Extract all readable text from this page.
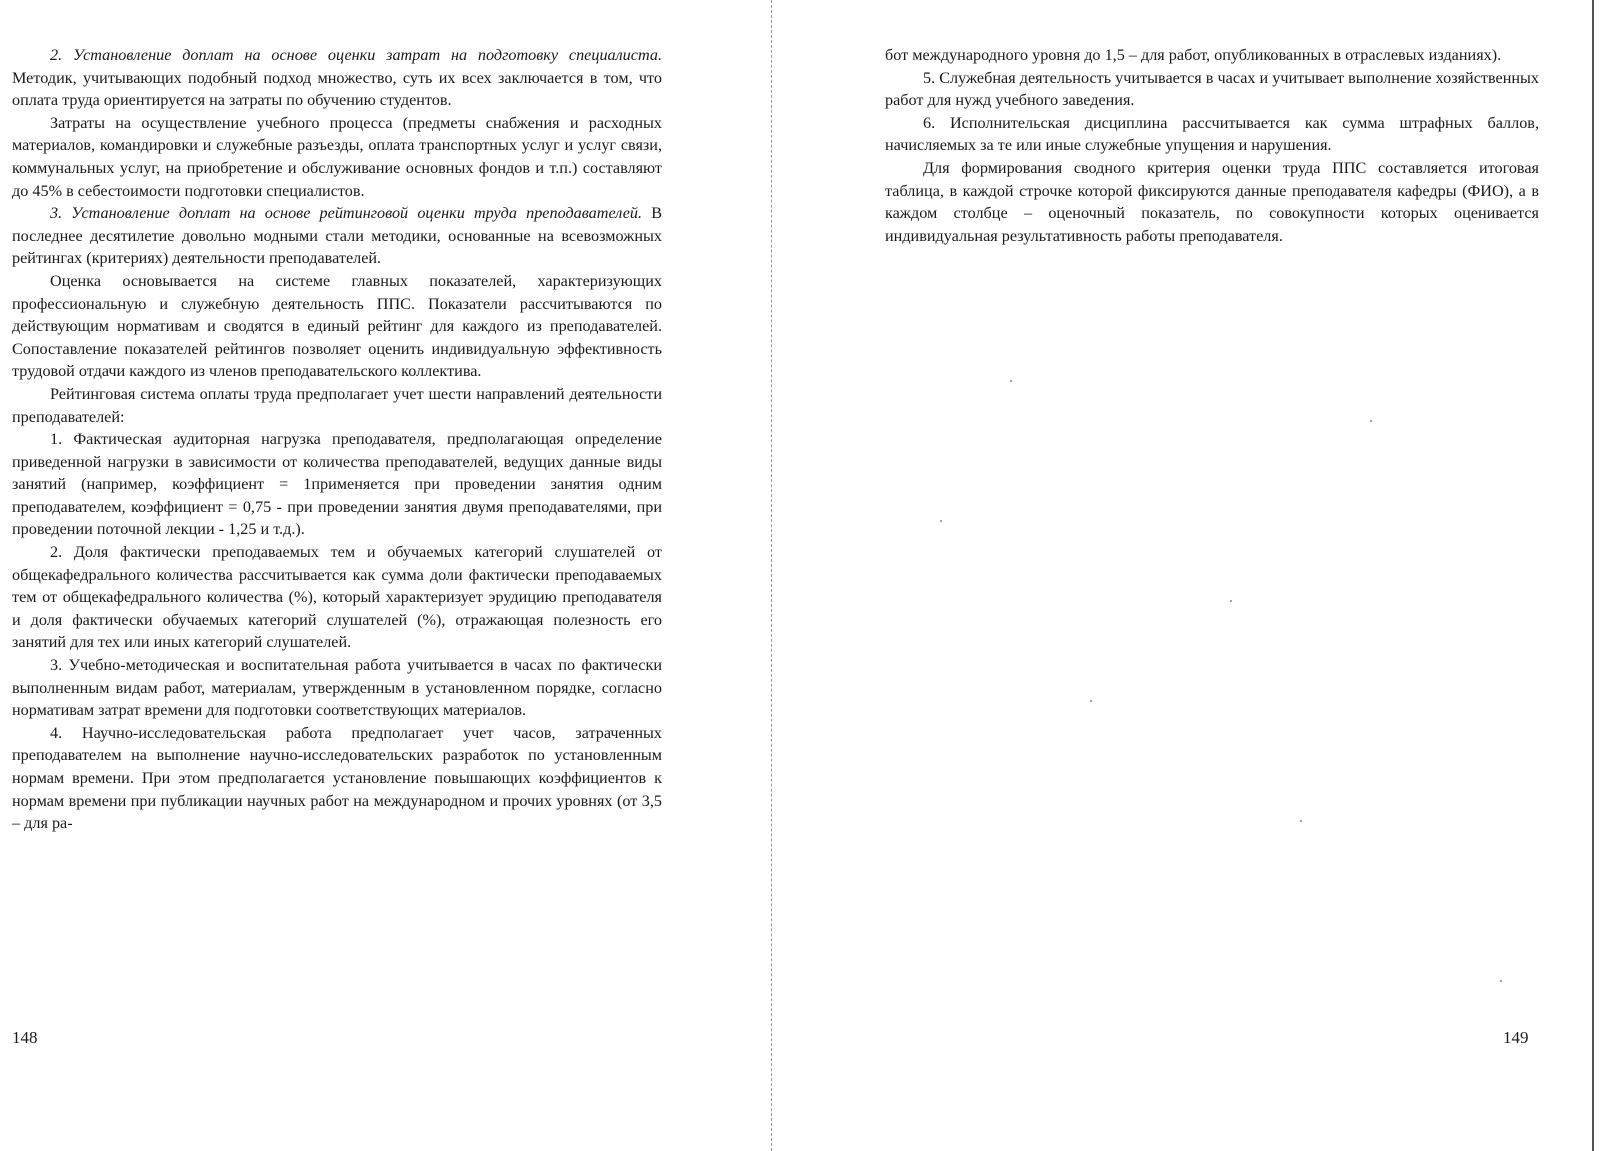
2. Установление доплат на основе оценки затрат на подготовку специалиста. Методик, учитывающих подобный подход множество, суть их всех заключается в том, что оплата труда ориентируется на затраты по обучению студентов.

Затраты на осуществление учебного процесса (предметы снабжения и расходных материалов, командировки и служебные разъезды, оплата транспортных услуг и услуг связи, коммунальных услуг, на приобретение и обслуживание основных фондов и т.п.) составляют до 45% в себестоимости подготовки специалистов.

3. Установление доплат на основе рейтинговой оценки труда преподавателей. В последнее десятилетие довольно модными стали методики, основанные на всевозможных рейтингах (критериях) деятельности преподавателей.

Оценка основывается на системе главных показателей, характеризующих профессиональную и служебную деятельность ППС. Показатели рассчитываются по действующим нормативам и сводятся в единый рейтинг для каждого из преподавателей. Сопоставление показателей рейтингов позволяет оценить индивидуальную эффективность трудовой отдачи каждого из членов преподавательского коллектива.

Рейтинговая система оплаты труда предполагает учет шести направлений деятельности преподавателей:

1. Фактическая аудиторная нагрузка преподавателя, предполагающая определение приведенной нагрузки в зависимости от количества преподавателей, ведущих данные виды занятий (например, коэффициент = 1применяется при проведении занятия одним преподавателем, коэффициент = 0,75 - при проведении занятия двумя преподавателями, при проведении поточной лекции - 1,25 и т.д.).

2. Доля фактически преподаваемых тем и обучаемых категорий слушателей от общекафедрального количества рассчитывается как сумма доли фактически преподаваемых тем от общекафедрального количества (%), который характеризует эрудицию преподавателя и доля фактически обучаемых категорий слушателей (%), отражающая полезность его занятий для тех или иных категорий слушателей.

3. Учебно-методическая и воспитательная работа учитывается в часах по фактически выполненным видам работ, материалам, утвержденным в установленном порядке, согласно нормативам затрат времени для подготовки соответствующих материалов.

4. Научно-исследовательская работа предполагает учет часов, затраченных преподавателем на выполнение научно-исследовательских разработок по установленным нормам времени. При этом предполагается установление повышающих коэффициентов к нормам времени при публикации научных работ на международном и прочих уровнях (от 3,5 – для ра-

148

бот международного уровня до 1,5 – для работ, опубликованных в отраслевых изданиях).

5. Служебная деятельность учитывается в часах и учитывает выполнение хозяйственных работ для нужд учебного заведения.

6. Исполнительская дисциплина рассчитывается как сумма штрафных баллов, начисляемых за те или иные служебные упущения и нарушения.

Для формирования сводного критерия оценки труда ППС составляется итоговая таблица, в каждой строчке которой фиксируются данные преподавателя кафедры (ФИО), а в каждом столбце – оценочный показатель, по совокупности которых оценивается индивидуальная результативность работы преподавателя.

149
